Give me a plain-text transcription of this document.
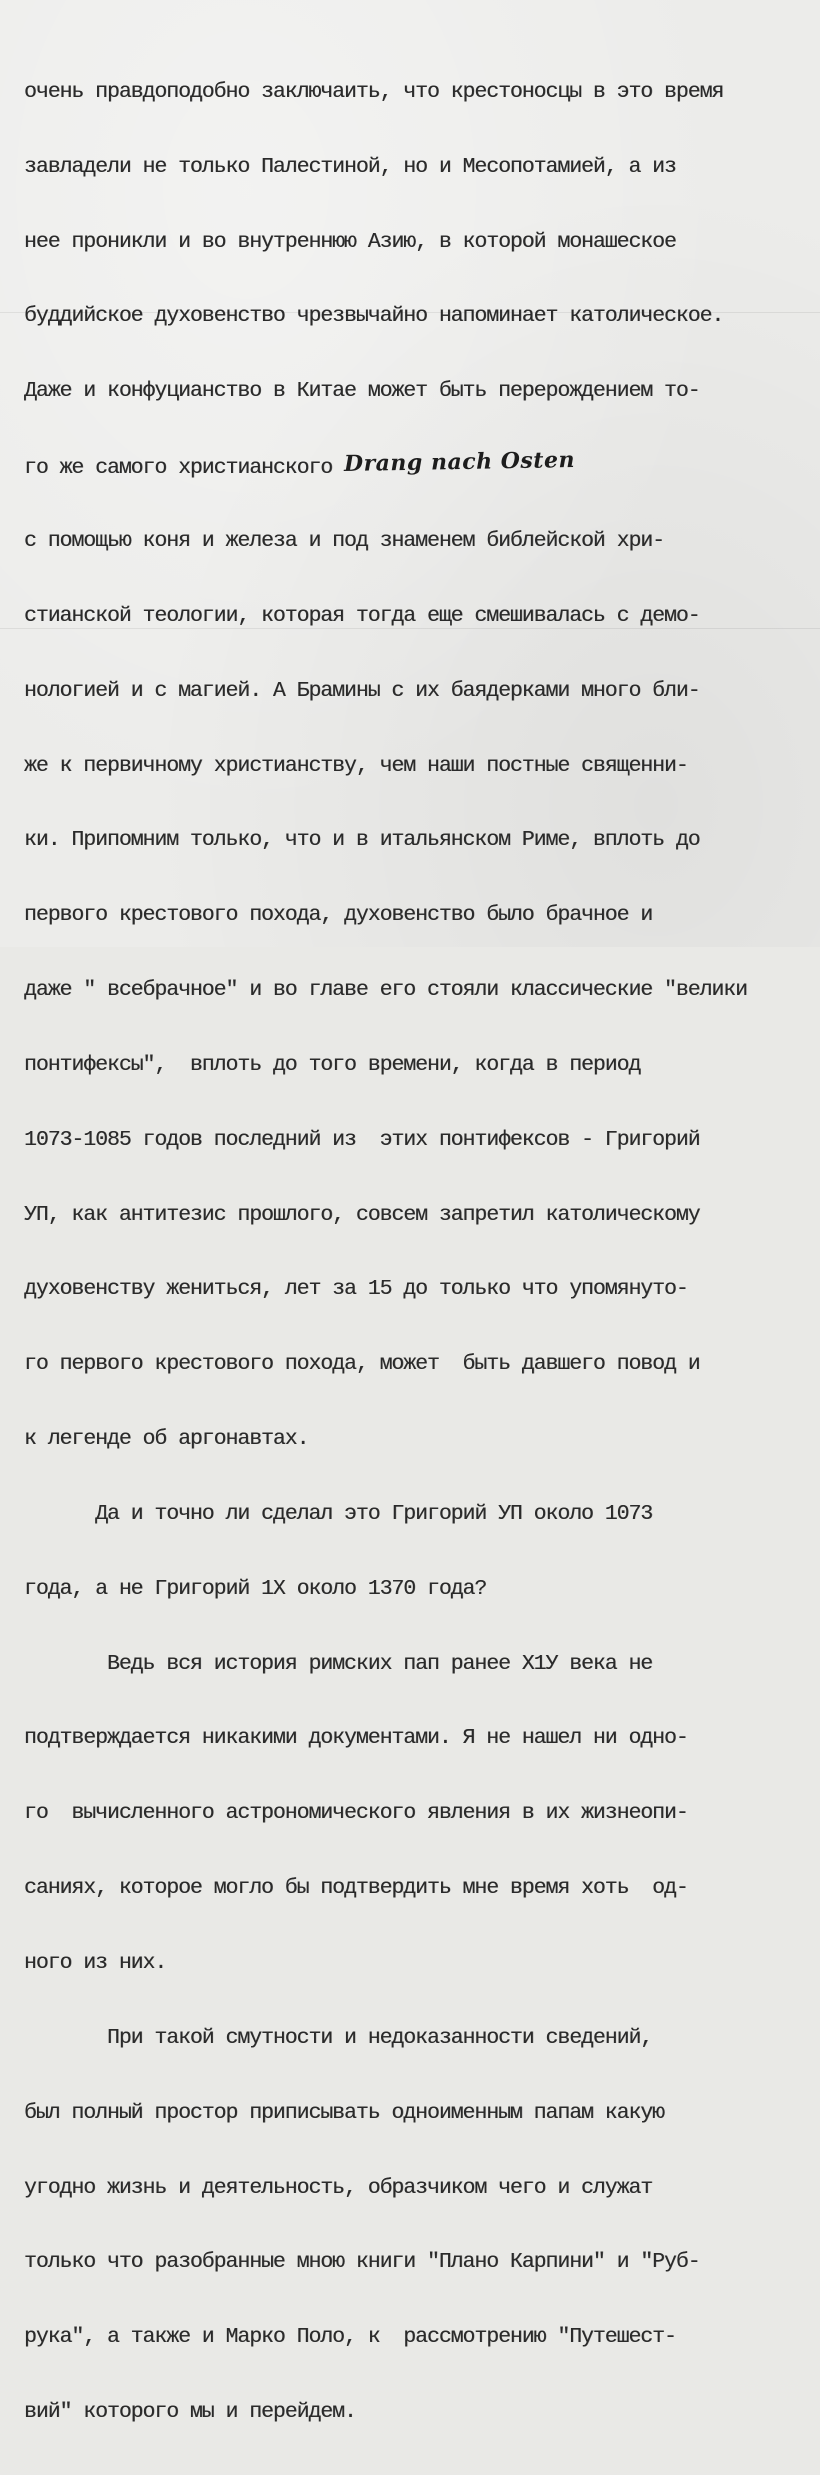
очень правдоподобно заключаить, что крестоносцы в это время

завладели не только Палестиной, но и Месопотамией, а из

нее проникли и во внутреннюю Азию, в которой монашеское

буддийское духовенство чрезвычайно напоминает католическое.

Даже и конфуцианство в Китае может быть перерождением то-

го же самого христианского Drang nach Osten

с помощью коня и железа и под знаменем библейской хри-

стианской теологии, которая тогда еще смешивалась с демо-

нологией и с магией. А Брамины с их баядерками много бли-

же к первичному христианству, чем наши постные священни-

ки. Припомним только, что и в итальянском Риме, вплоть до

первого крестового похода, духовенство было брачное и

даже " всебрачное" и во главе его стояли классические "велики

понтифексы",  вплоть до того времени, когда в период

1073-1085 годов последний из  этих понтифексов - Григорий

УП, как антитезис прошлого, совсем запретил католическому

духовенству жениться, лет за 15 до только что упомянуто-

го первого крестового похода, может  быть давшего повод и

к легенде об аргонавтах.

Да и точно ли сделал это Григорий УП около 1073

года, а не Григорий 1X около 1370 года?

Ведь вся история римских пап ранее X1У века не

подтверждается никакими документами. Я не нашел ни одно-

го  вычисленного астрономического явления в их жизнеопи-

саниях, которое могло бы подтвердить мне время хоть  од-

ного из них.

При такой смутности и недоказанности сведений,

был полный простор приписывать одноименным папам какую

угодно жизнь и деятельность, образчиком чего и служат

только что разобранные мною книги "Плано Карпини" и "Руб-

рука", а также и Марко Поло, к  рассмотрению "Путешест-

вий" которого мы и перейдем.
